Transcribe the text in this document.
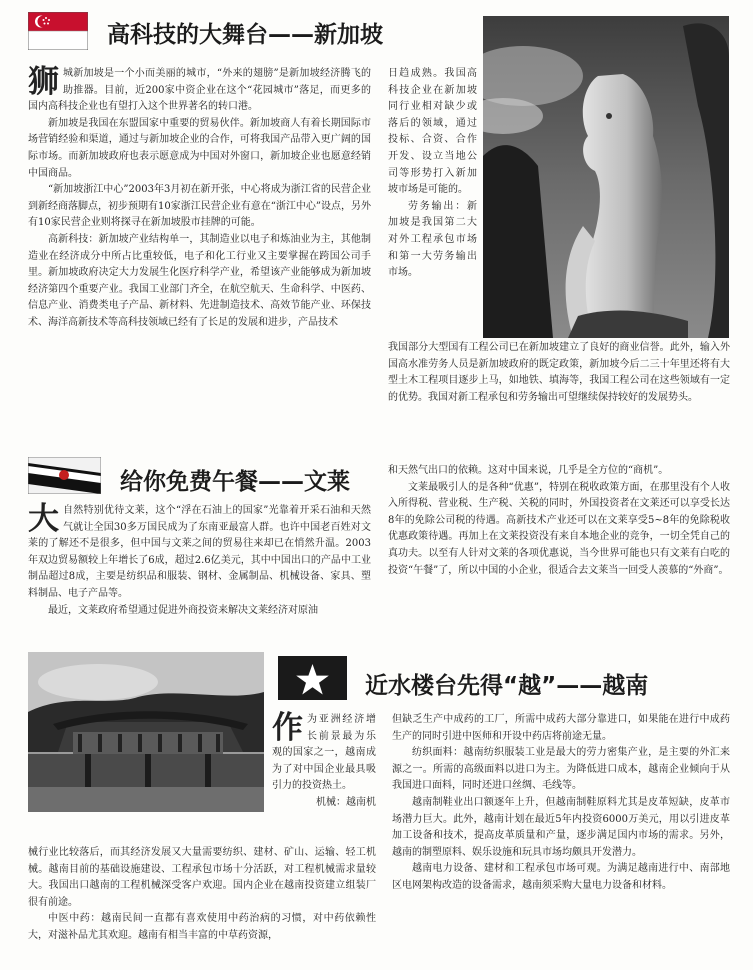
高科技的大舞台——新加坡

狮城新加坡是一个小而美丽的城市，“外来的翅膀”是新加坡经济腾飞的助推器。目前，近200家中资企业在这个“花园城市”落足，而更多的国内高科技企业也有望打入这个世界著名的转口港。

新加坡是我国在东盟国家中重要的贸易伙伴。新加坡商人有着长期国际市场营销经验和渠道，通过与新加坡企业的合作，可将我国产品带入更广阔的国际市场。而新加坡政府也表示愿意成为中国对外窗口，新加坡企业也愿意经销中国商品。

“新加坡浙江中心”2003年3月初在新开张，中心将成为浙江省的民营企业到新经商落脚点，初步预期有10家浙江民营企业有意在“浙江中心”设点，另外有10家民营企业则将探寻在新加坡股市挂牌的可能。

高新科技：新加坡产业结构单一，其制造业以电子和炼油业为主，其他制造业在经济成分中所占比重较低，电子和化工行业又主要掌握在跨国公司手里。新加坡政府决定大力发展生化医疗科学产业，希望该产业能够成为新加坡经济第四个重要产业。我国工业部门齐全，在航空航天、生命科学、中医药、信息产业、消费类电子产品、新材料、先进制造技术、高效节能产业、环保技术、海洋高新技术等高科技领域已经有了长足的发展和进步，产品技术

日趋成熟。我国高科技企业在新加坡同行业相对缺少或落后的领域，通过投标、合资、合作开发、设立当地公司等形势打入新加坡市场是可能的。

劳务输出：新加坡是我国第二大对外工程承包市场和第一大劳务输出市场。

我国部分大型国有工程公司已在新加坡建立了良好的商业信誉。此外，输入外国高水准劳务人员是新加坡政府的既定政策，新加坡今后二三十年里还将有大型土木工程项目逐步上马，如地铁、填海等，我国工程公司在这些领域有一定的优势。我国对新工程承包和劳务输出可望继续保持较好的发展势头。

给你免费午餐——文莱

大自然特别优待文莱，这个“浮在石油上的国家”光靠着开采石油和天然气就让全国30多万国民成为了东南亚最富人群。也许中国老百姓对文莱的了解还不是很多，但中国与文莱之间的贸易往来却已在悄然升温。2003年双边贸易额较上年增长了6成，超过2.6亿美元，其中中国出口的产品中工业制品超过8成，主要是纺织品和服装、钢材、金属制品、机械设备、家具、塑料制品、电子产品等。

最近，文莱政府希望通过促进外商投资来解决文莱经济对原油

和天然气出口的依赖。这对中国来说，几乎是全方位的“商机”。

文莱最吸引人的是各种“优惠”，特别在税收政策方面，在那里没有个人收入所得税、营业税、生产税、关税的同时，外国投资者在文莱还可以享受长达8年的免除公司税的待遇。高新技术产业还可以在文莱享受5~8年的免除税收优惠政策待遇。再加上在文莱投资没有来自本地企业的竞争，一切全凭自己的真功夫。以至有人针对文莱的各项优惠说，当今世界可能也只有文莱有白吃的投资“午餐”了，所以中国的小企业，很适合去文莱当一回受人羡慕的“外商”。

近水楼台先得“越”——越南

作为亚洲经济增长前景最为乐观的国家之一，越南成为了对中国企业最具吸引力的投资热土。

机械：越南机

械行业比较落后，而其经济发展又大量需要纺织、建材、矿山、运输、轻工机械。越南目前的基础设施建设、工程承包市场十分活跃，对工程机械需求量较大。我国出口越南的工程机械深受客户欢迎。国内企业在越南投资建立组装厂很有前途。

中医中药：越南民间一直都有喜欢使用中药治病的习惯，对中药依赖性大，对滋补品尤其欢迎。越南有相当丰富的中草药资源，

但缺乏生产中成药的工厂，所需中成药大部分靠进口，如果能在进行中成药生产的同时引进中医师和开设中药店将前途无量。

纺织面料：越南纺织服装工业是最大的劳力密集产业，是主要的外汇来源之一。所需的高级面料以进口为主。为降低进口成本，越南企业倾向于从我国进口面料，同时还进口丝绸、毛线等。

越南制鞋业出口额逐年上升，但越南制鞋原料尤其是皮革短缺，皮革市场潜力巨大。此外，越南计划在最近5年内投资6000万美元，用以引进皮革加工设备和技术，提高皮革质量和产量，逐步满足国内市场的需求。另外，越南的制塑原料、娱乐设施和玩具市场均颇具开发潜力。

越南电力设备、建材和工程承包市场可观。为满足越南进行中、南部地区电网架构改造的设备需求，越南须采购大量电力设备和材料。
